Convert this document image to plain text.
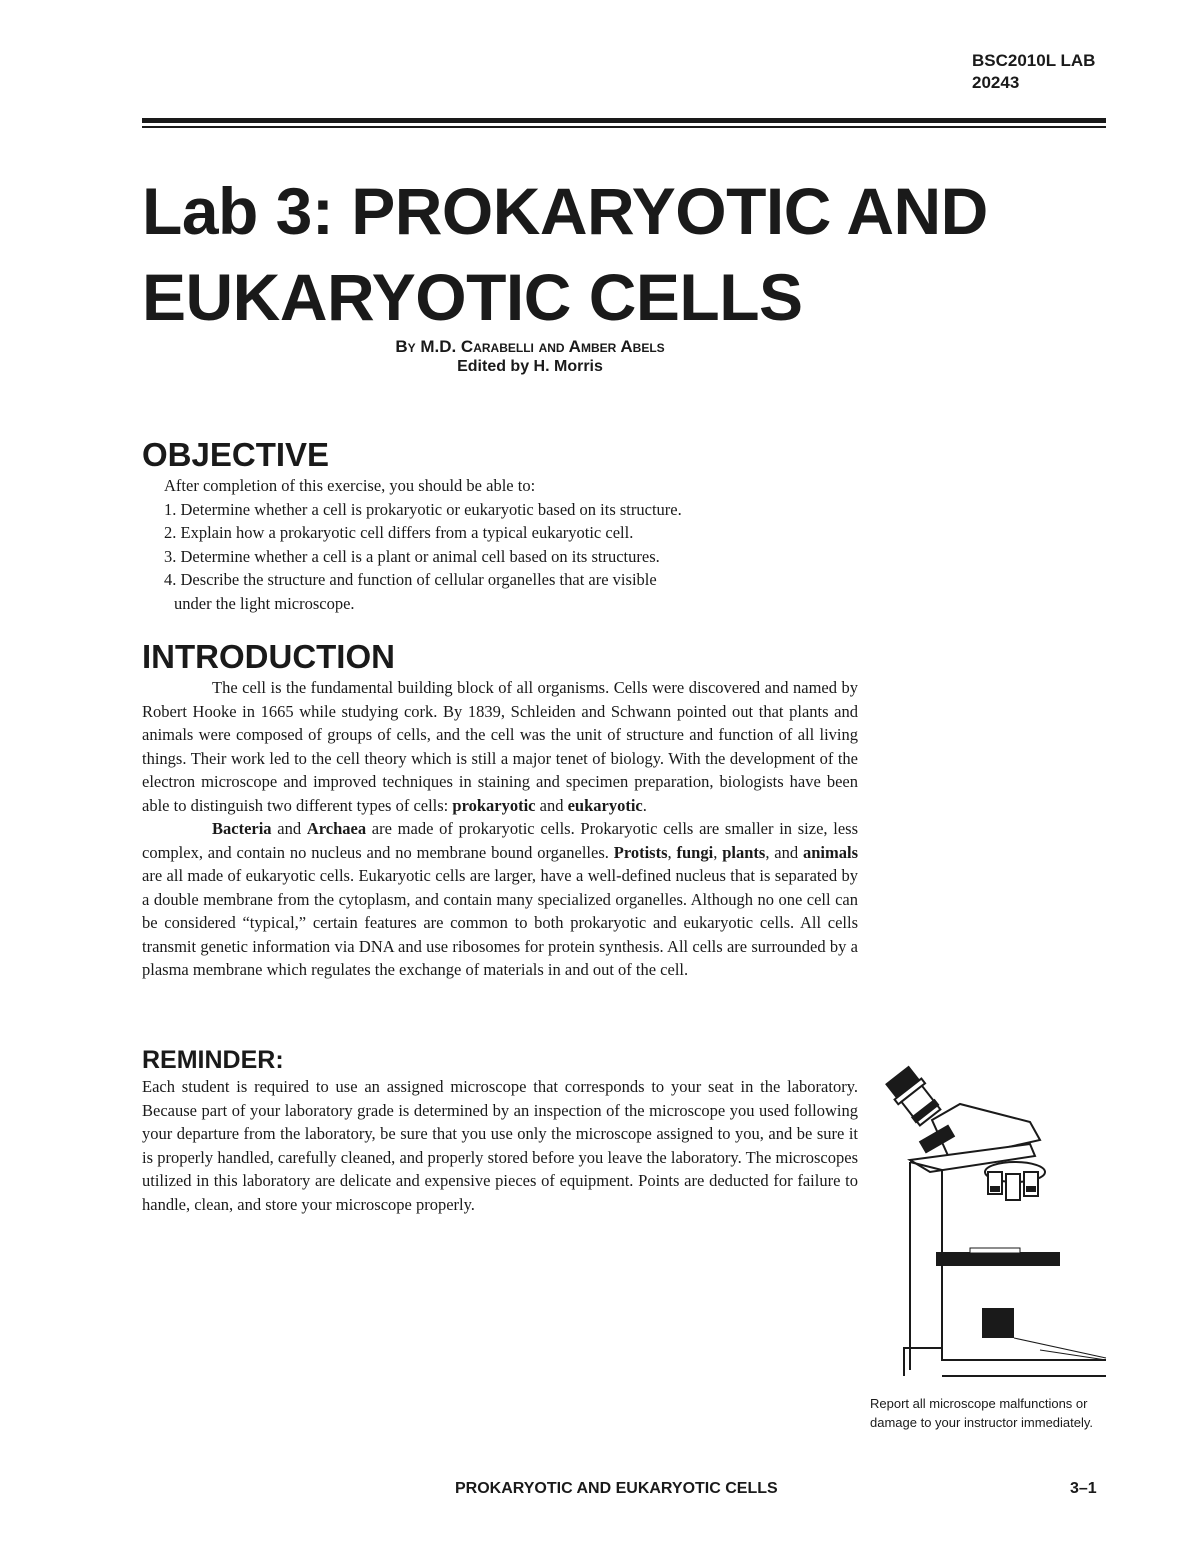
BSC2010L LAB
20243
Lab 3: PROKARYOTIC AND
EUKARYOTIC CELLS
By M.D. Carabelli and Amber Abels
Edited by H. Morris
OBJECTIVE
After completion of this exercise, you should be able to:
1. Determine whether a cell is prokaryotic or eukaryotic based on its structure.
2. Explain how a prokaryotic cell differs from a typical eukaryotic cell.
3. Determine whether a cell is a plant or animal cell based on its structures.
4. Describe the structure and function of cellular organelles that are visible
under the light microscope.
INTRODUCTION

The cell is the fundamental building block of all organisms. Cells were discovered and named by Robert Hooke in 1665 while studying cork. By 1839, Schleiden and Schwann pointed out that plants and animals were composed of groups of cells, and the cell was the unit of structure and function of all living things. Their work led to the cell theory which is still a major tenet of biology. With the development of the electron microscope and improved techniques in staining and specimen preparation, biologists have been able to distinguish two different types of cells: prokaryotic and eukaryotic.

Bacteria and Archaea are made of prokaryotic cells. Prokaryotic cells are smaller in size, less complex, and contain no nucleus and no membrane bound organelles. Protists, fungi, plants, and animals are all made of eukaryotic cells. Eukaryotic cells are larger, have a well-defined nucleus that is separated by a double membrane from the cytoplasm, and contain many specialized organelles. Although no one cell can be considered “typical,” certain features are common to both prokaryotic and eukaryotic cells. All cells transmit genetic information via DNA and use ribosomes for protein synthesis. All cells are surrounded by a plasma membrane which regulates the exchange of materials in and out of the cell.

REMINDER:

Each student is required to use an assigned microscope that corresponds to your seat in the laboratory. Because part of your laboratory grade is determined by an inspection of the microscope you used following your departure from the laboratory, be sure that you use only the microscope assigned to you, and be sure it is properly handled, carefully cleaned, and properly stored before you leave the laboratory. The microscopes utilized in this laboratory are delicate and expensive pieces of equipment. Points are deducted for failure to handle, clean, and store your microscope properly.

Report all microscope malfunctions or damage to your instructor immediately.
PROKARYOTIC AND EUKARYOTIC CELLS	3–1
